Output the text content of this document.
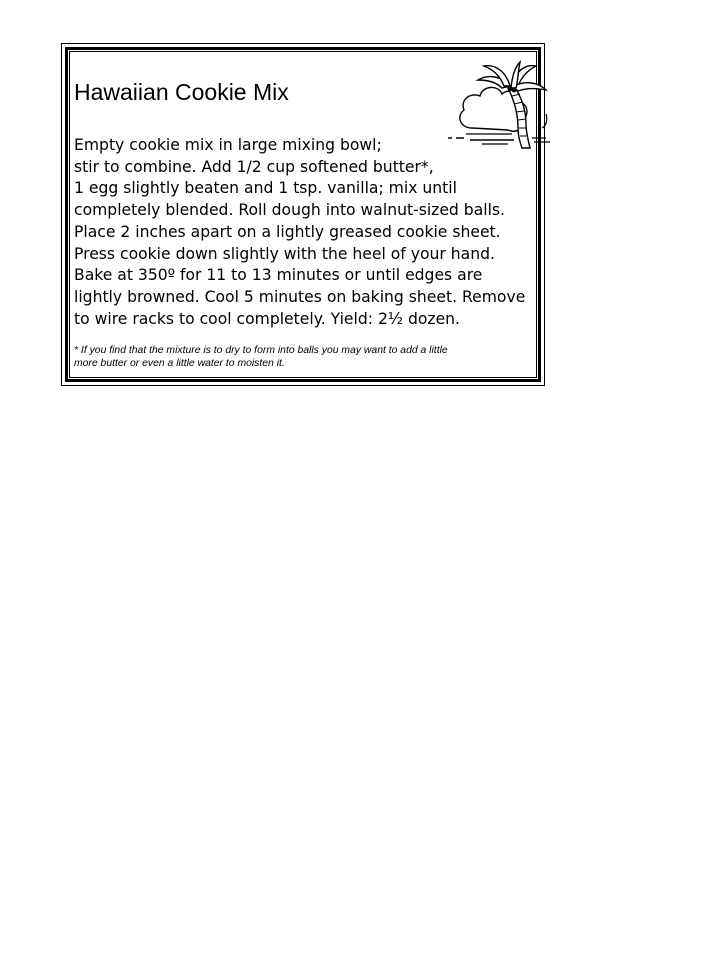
Hawaiian Cookie Mix
Empty cookie mix in large mixing bowl;
stir to combine. Add 1/2 cup softened butter*,
1 egg slightly beaten and 1 tsp. vanilla; mix until
completely blended. Roll dough into walnut-sized balls.
Place 2 inches apart on a lightly greased cookie sheet.
Press cookie down slightly with the heel of your hand.
Bake at 350º for 11 to 13 minutes or until edges are
lightly browned. Cool 5 minutes on baking sheet. Remove
to wire racks to cool completely. Yield: 2½ dozen.
* If you find that the mixture is to dry to form into balls you may want to add a little
more butter or even a little water to moisten it.
